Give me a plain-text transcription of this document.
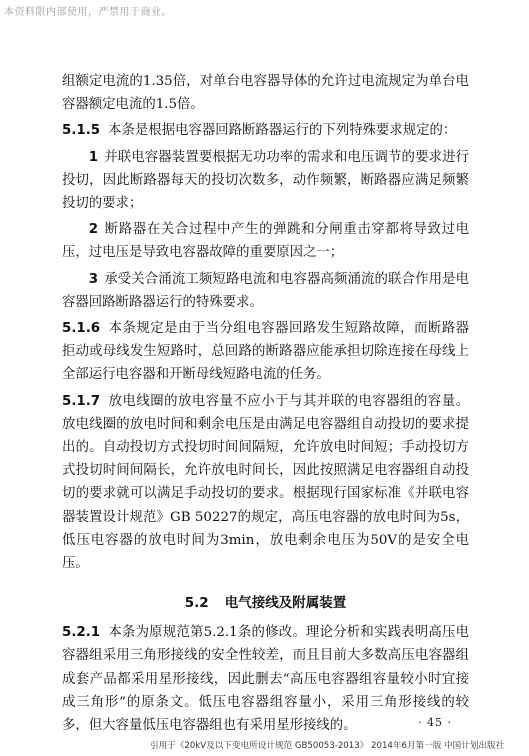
本资料限内部使用，严禁用于商业。

组额定电流的1.35倍，对单台电容器导体的允许过电流规定为单台电容器额定电流的1.5倍。

5.1.5 本条是根据电容器回路断路器运行的下列特殊要求规定的：

1 并联电容器装置要根据无功功率的需求和电压调节的要求进行投切，因此断路器每天的投切次数多，动作频繁，断路器应满足频繁投切的要求；

2 断路器在关合过程中产生的弹跳和分闸重击穿都将导致过电压，过电压是导致电容器故障的重要原因之一；

3 承受关合涌流工频短路电流和电容器高频涌流的联合作用是电容器回路断路器运行的特殊要求。

5.1.6 本条规定是由于当分组电容器回路发生短路故障，而断路器拒动或母线发生短路时，总回路的断路器应能承担切除连接在母线上全部运行电容器和开断母线短路电流的任务。

5.1.7 放电线圈的放电容量不应小于与其并联的电容器组的容量。放电线圈的放电时间和剩余电压是由满足电容器组自动投切的要求提出的。自动投切方式投切时间间隔短，允许放电时间短；手动投切方式投切时间间隔长，允许放电时间长，因此按照满足电容器组自动投切的要求就可以满足手动投切的要求。根据现行国家标准《并联电容器装置设计规范》GB 50227的规定，高压电容器的放电时间为5s，低压电容器的放电时间为3min，放电剩余电压为50V的是安全电压。

5.2 电气接线及附属装置

5.2.1 本条为原规范第5.2.1条的修改。理论分析和实践表明高压电容器组采用三角形接线的安全性较差，而且目前大多数高压电容器组成套产品都采用星形接线，因此删去“高压电容器组容量较小时宜接成三角形”的原条文。低压电容器组容量小，采用三角形接线的较多，但大容量低压电容器组也有采用星形接线的。	· 45 ·
引用于《20kV及以下变电所设计规范 GB50053-2013》 2014年6月第一版 中国计划出版社
